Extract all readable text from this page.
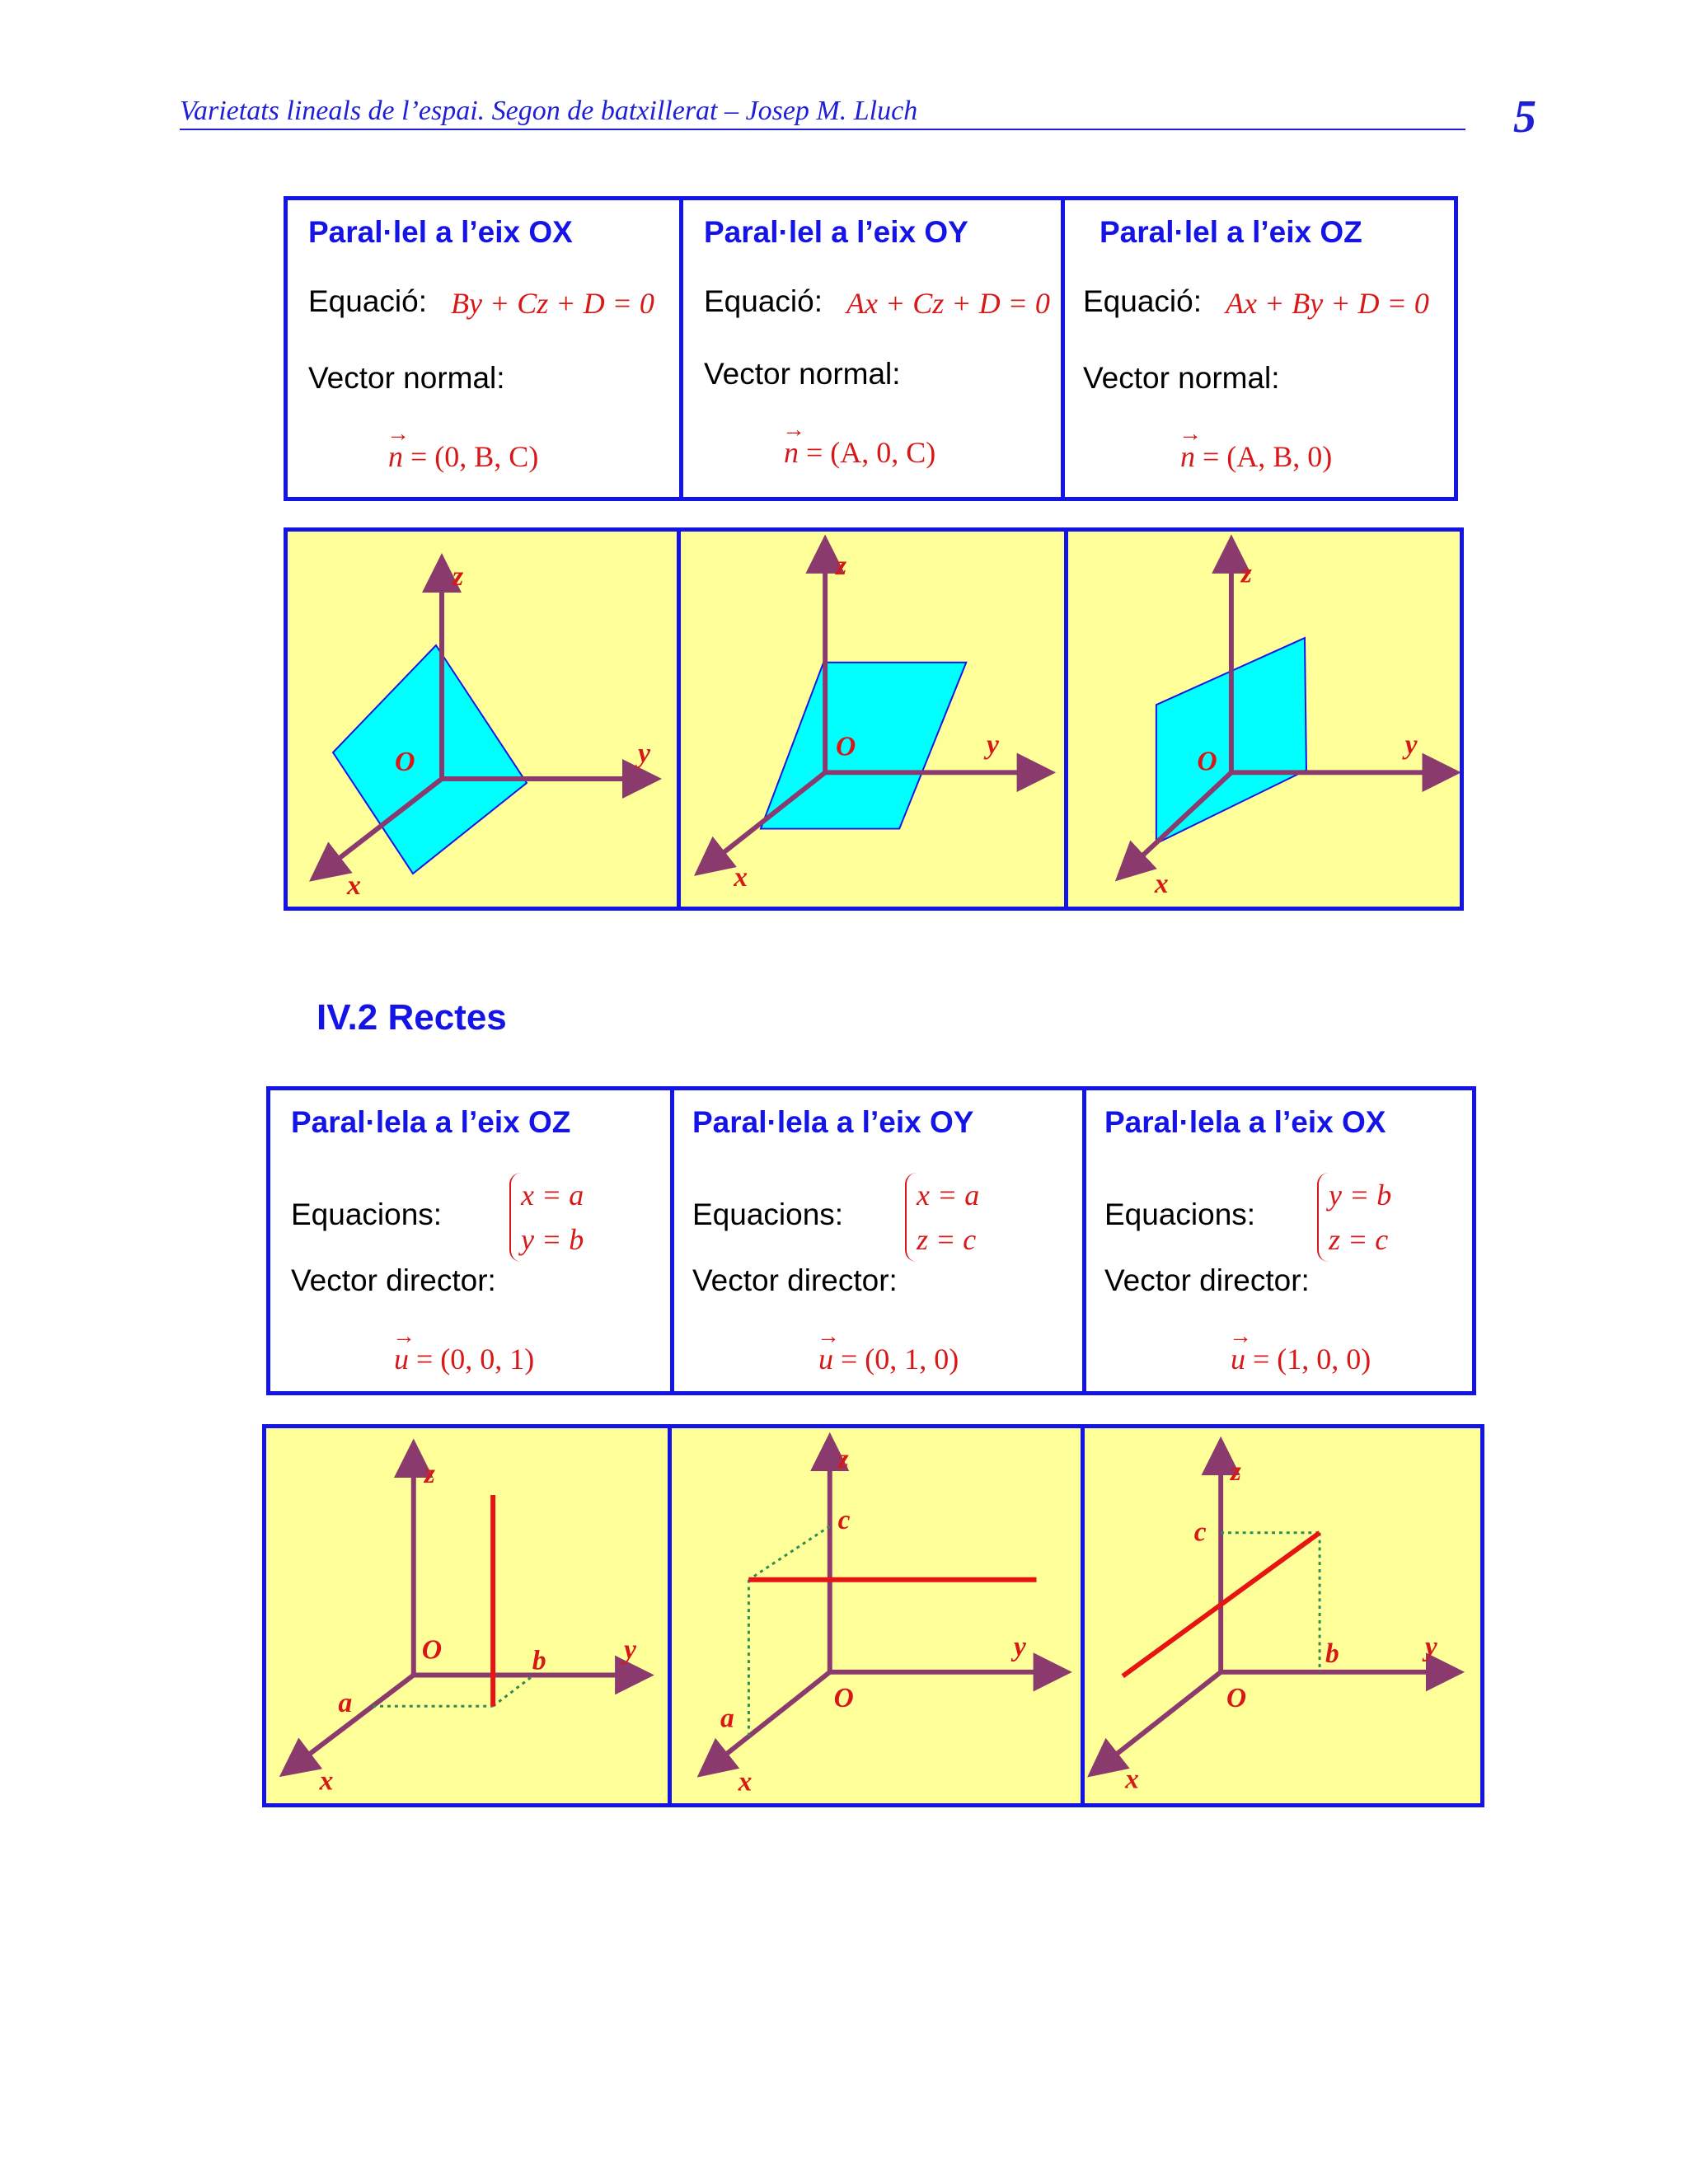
Varietats lineals de l’espai. Segon de batxillerat – Josep M. Lluch	5
Paral·lel a l’eix OX
Equació: By + Cz + D = 0
Vector normal:
→ n = (0, B, C)
Paral·lel a l’eix OY
Equació: Ax + Cz + D = 0
Vector normal:
→ n = (A, 0, C)
Paral·lel a l’eix OZ
Equació: Ax + By + D = 0
Vector normal:
→ n = (A, B, 0)
z
y
x
O
z
y
x
O
z
y
x
O
IV.2 Rectes
Paral·lela a l’eix OZ
Equacions:
x = a
y = b
Vector director:
→ u = (0, 0, 1)
Paral·lela a l’eix OY
Equacions:
x = a
z = c
Vector director:
→ u = (0, 1, 0)
Paral·lela a l’eix OX
Equacions:
y = b
z = c
Vector director:
→ u = (1, 0, 0)
z
y
x
O	b
a
z
c
y
x
O
a
z
c
b	y
x
O
